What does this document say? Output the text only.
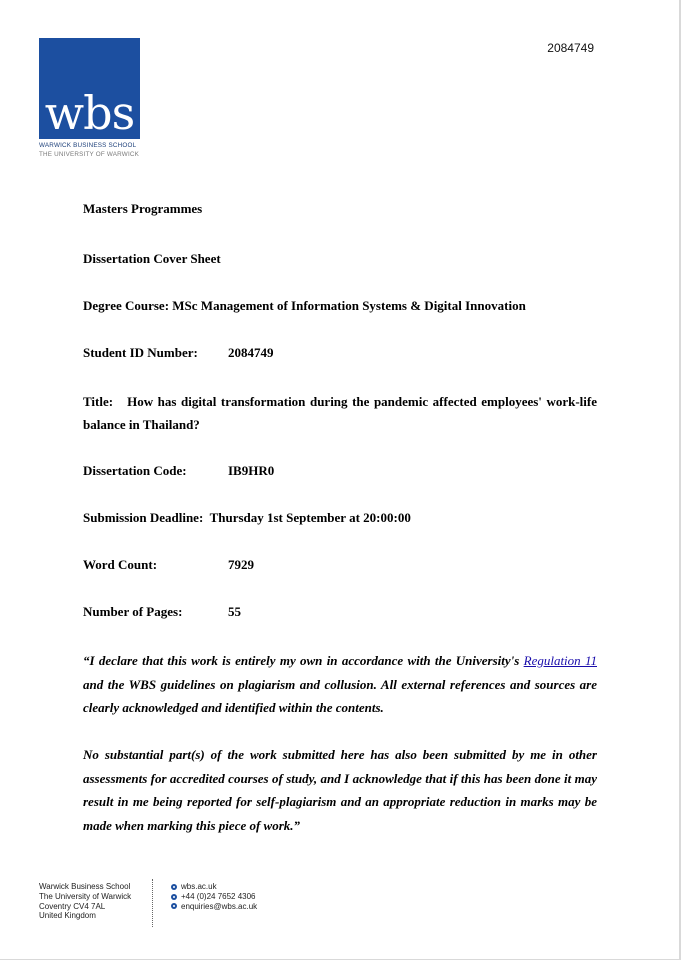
wbs
WARWICK BUSINESS SCHOOL
THE UNIVERSITY OF WARWICK
2084749
Masters Programmes
Dissertation Cover Sheet
Degree Course: MSc Management of Information Systems & Digital Innovation
Student ID Number: 2084749
Title: How has digital transformation during the pandemic affected employees' work-life balance in Thailand?
Dissertation Code:	IB9HR0
Submission Deadline: Thursday 1st September at 20:00:00
Word Count:	7929
Number of Pages:	55
“I declare that this work is entirely my own in accordance with the University's Regulation 11 and the WBS guidelines on plagiarism and collusion. All external references and sources are clearly acknowledged and identified within the contents.
No substantial part(s) of the work submitted here has also been submitted by me in other assessments for accredited courses of study, and I acknowledge that if this has been done it may result in me being reported for self-plagiarism and an appropriate reduction in marks may be made when marking this piece of work.”
Warwick Business School
The University of Warwick
Coventry CV4 7AL
United Kingdom
wbs.ac.uk
+44 (0)24 7652 4306
enquiries@wbs.ac.uk
